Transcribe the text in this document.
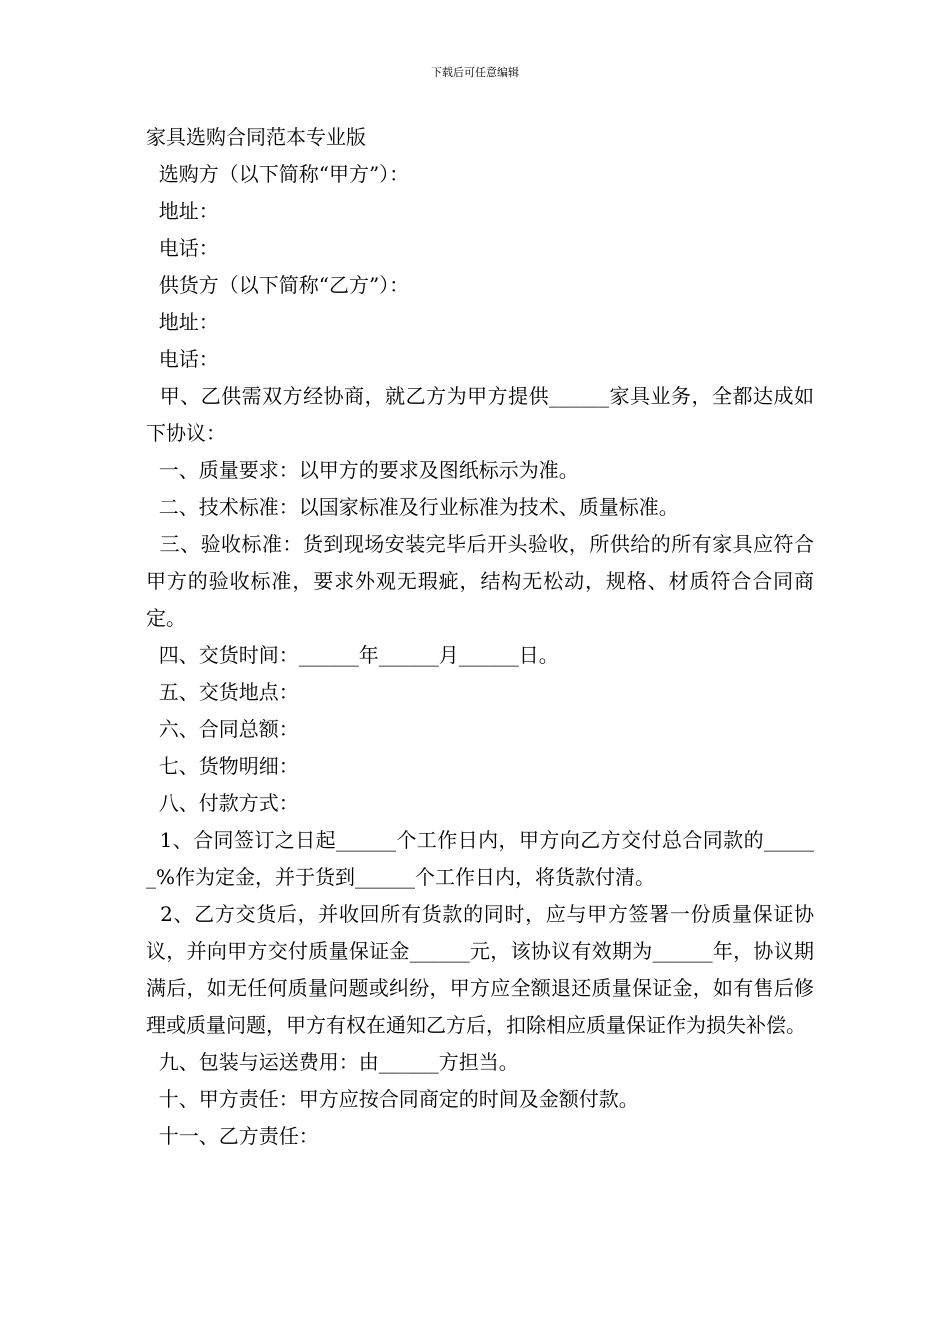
下载后可任意编辑

家具选购合同范本专业版

选购方（以下简称“甲方”）：

地址：

电话：

供货方（以下简称“乙方”）：

地址：

电话：

甲、乙供需双方经协商，就乙方为甲方提供______家具业务，全都达成如下协议：

一、质量要求：以甲方的要求及图纸标示为准。

二、技术标准：以国家标准及行业标准为技术、质量标准。

三、验收标准：货到现场安装完毕后开头验收，所供给的所有家具应符合甲方的验收标准，要求外观无瑕疵，结构无松动，规格、材质符合合同商定。

四、交货时间：______年______月______日。

五、交货地点：

六、合同总额：

七、货物明细：

八、付款方式：

1、合同签订之日起______个工作日内，甲方向乙方交付总合同款的______%作为定金，并于货到______个工作日内，将货款付清。

2、乙方交货后，并收回所有货款的同时，应与甲方签署一份质量保证协议，并向甲方交付质量保证金______元，该协议有效期为______年，协议期满后，如无任何质量问题或纠纷，甲方应全额退还质量保证金，如有售后修理或质量问题，甲方有权在通知乙方后，扣除相应质量保证作为损失补偿。

九、包装与运送费用：由______方担当。

十、甲方责任：甲方应按合同商定的时间及金额付款。

十一、乙方责任：
